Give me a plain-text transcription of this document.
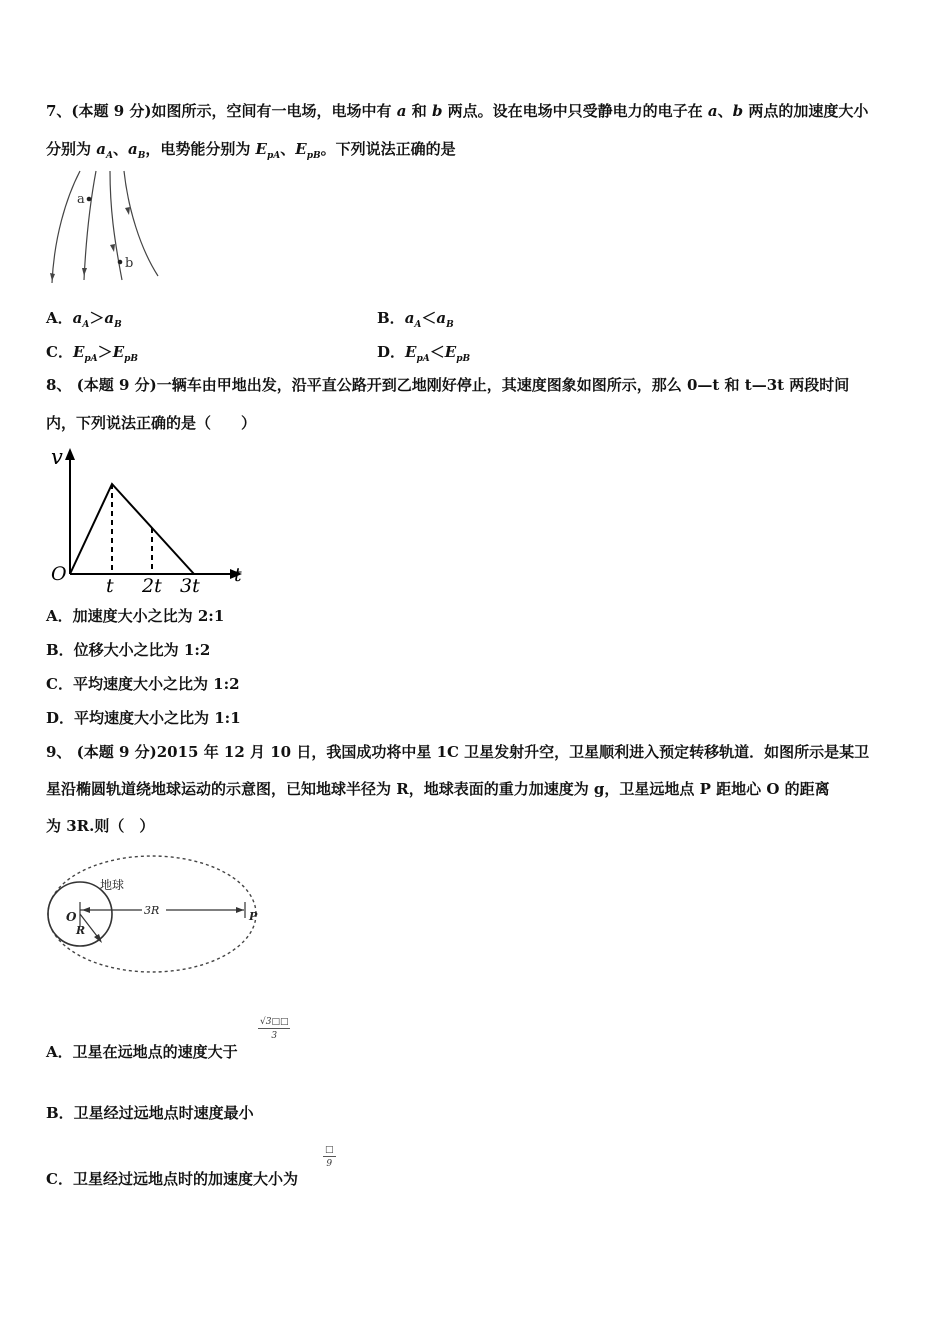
7、(本题 9 分)如图所示，空间有一电场，电场中有 a 和 b 两点。设在电场中只受静电力的电子在 a、b 两点的加速度大小
分别为 $a_A$、$a_B$，电势能分别为 $E_{pA}$、$E_{pB}$。下列说法正确的是
a
b
A．$a_A>a_B$	B．$a_A<a_B$
C．$E_{pA}>E_{pB}$	D．$E_{pA}<E_{pB}$
8、 (本题 9 分)一辆车由甲地出发，沿平直公路开到乙地刚好停止，其速度图象如图所示，那么 0—t 和 t—3t 两段时间
内，下列说法正确的是（　　）
v
O
t 2t 3t t
A．加速度大小之比为 2:1
B．位移大小之比为 1:2
C．平均速度大小之比为 1:2
D．平均速度大小之比为 1:1
9、 (本题 9 分)2015 年 12 月 10 日，我国成功将中星 1C 卫星发射升空，卫星顺利进入预定转移轨道．如图所示是某卫
星沿椭圆轨道绕地球运动的示意图，已知地球半径为 R，地球表面的重力加速度为 g，卫星远地点 P 距地心 O 的距离
为 3R.则（　）
地球
3R
O	P
R
A．卫星在远地点的速度大于
$\frac{√3□□}{3}$
B．卫星经过远地点时速度最小
C．卫星经过远地点时的加速度大小为
□
9
